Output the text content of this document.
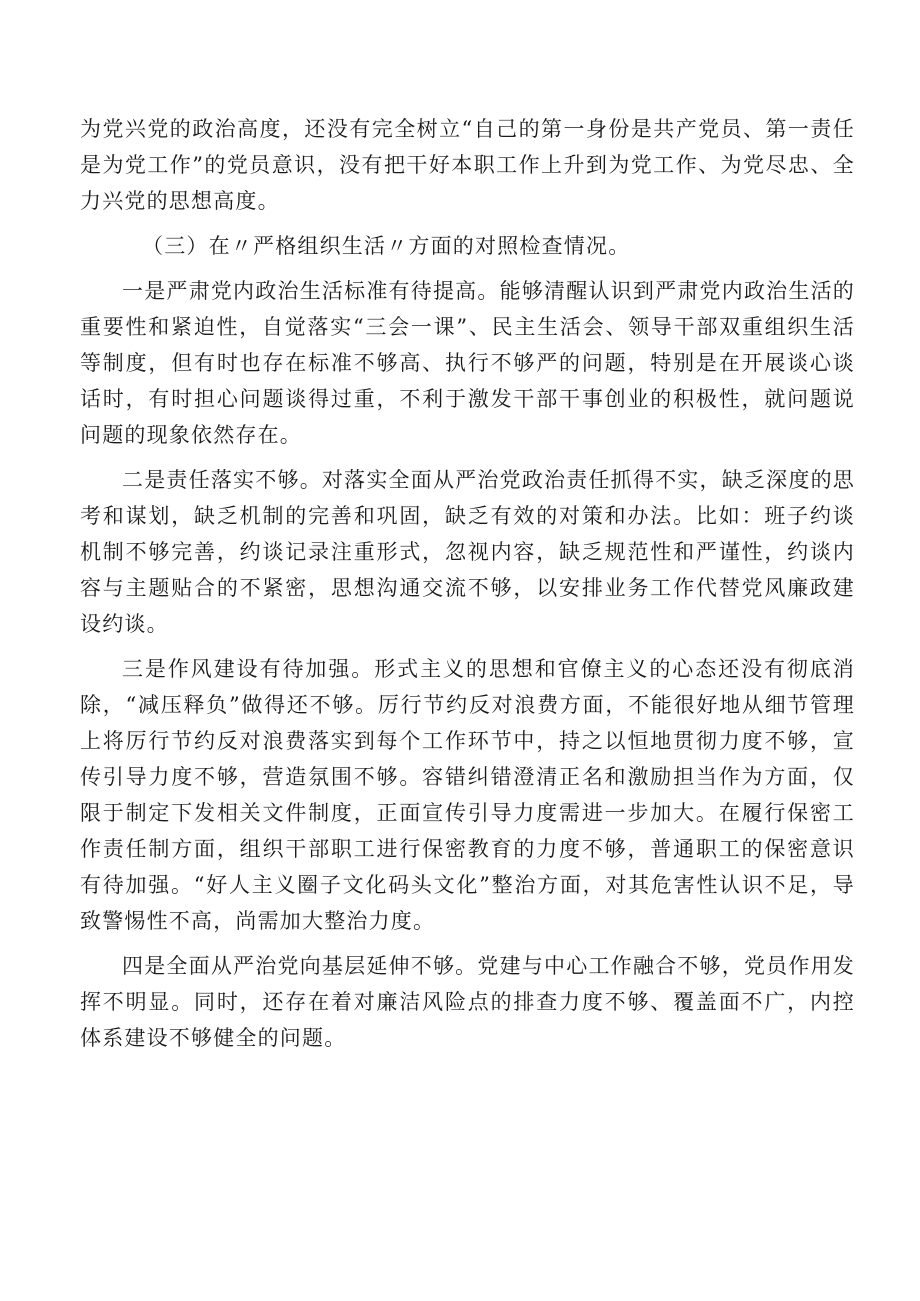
为党兴党的政治高度，还没有完全树立“自己的第一身份是共产党员、第一责任是为党工作”的党员意识，没有把干好本职工作上升到为党工作、为党尽忠、全力兴党的思想高度。

（三）在〃严格组织生活〃方面的对照检查情况。

一是严肃党内政治生活标准有待提高。能够清醒认识到严肃党内政治生活的重要性和紧迫性，自觉落实“三会一课”、民主生活会、领导干部双重组织生活等制度，但有时也存在标准不够高、执行不够严的问题，特别是在开展谈心谈话时，有时担心问题谈得过重，不利于激发干部干事创业的积极性，就问题说问题的现象依然存在。

二是责任落实不够。对落实全面从严治党政治责任抓得不实，缺乏深度的思考和谋划，缺乏机制的完善和巩固，缺乏有效的对策和办法。比如：班子约谈机制不够完善，约谈记录注重形式，忽视内容，缺乏规范性和严谨性，约谈内容与主题贴合的不紧密，思想沟通交流不够，以安排业务工作代替党风廉政建设约谈。

三是作风建设有待加强。形式主义的思想和官僚主义的心态还没有彻底消除，“减压释负”做得还不够。厉行节约反对浪费方面，不能很好地从细节管理上将厉行节约反对浪费落实到每个工作环节中，持之以恒地贯彻力度不够，宣传引导力度不够，营造氛围不够。容错纠错澄清正名和激励担当作为方面，仅限于制定下发相关文件制度，正面宣传引导力度需进一步加大。在履行保密工作责任制方面，组织干部职工进行保密教育的力度不够，普通职工的保密意识有待加强。“好人主义圈子文化码头文化”整治方面，对其危害性认识不足，导致警惕性不高，尚需加大整治力度。

四是全面从严治党向基层延伸不够。党建与中心工作融合不够，党员作用发挥不明显。同时，还存在着对廉洁风险点的排查力度不够、覆盖面不广，内控体系建设不够健全的问题。
